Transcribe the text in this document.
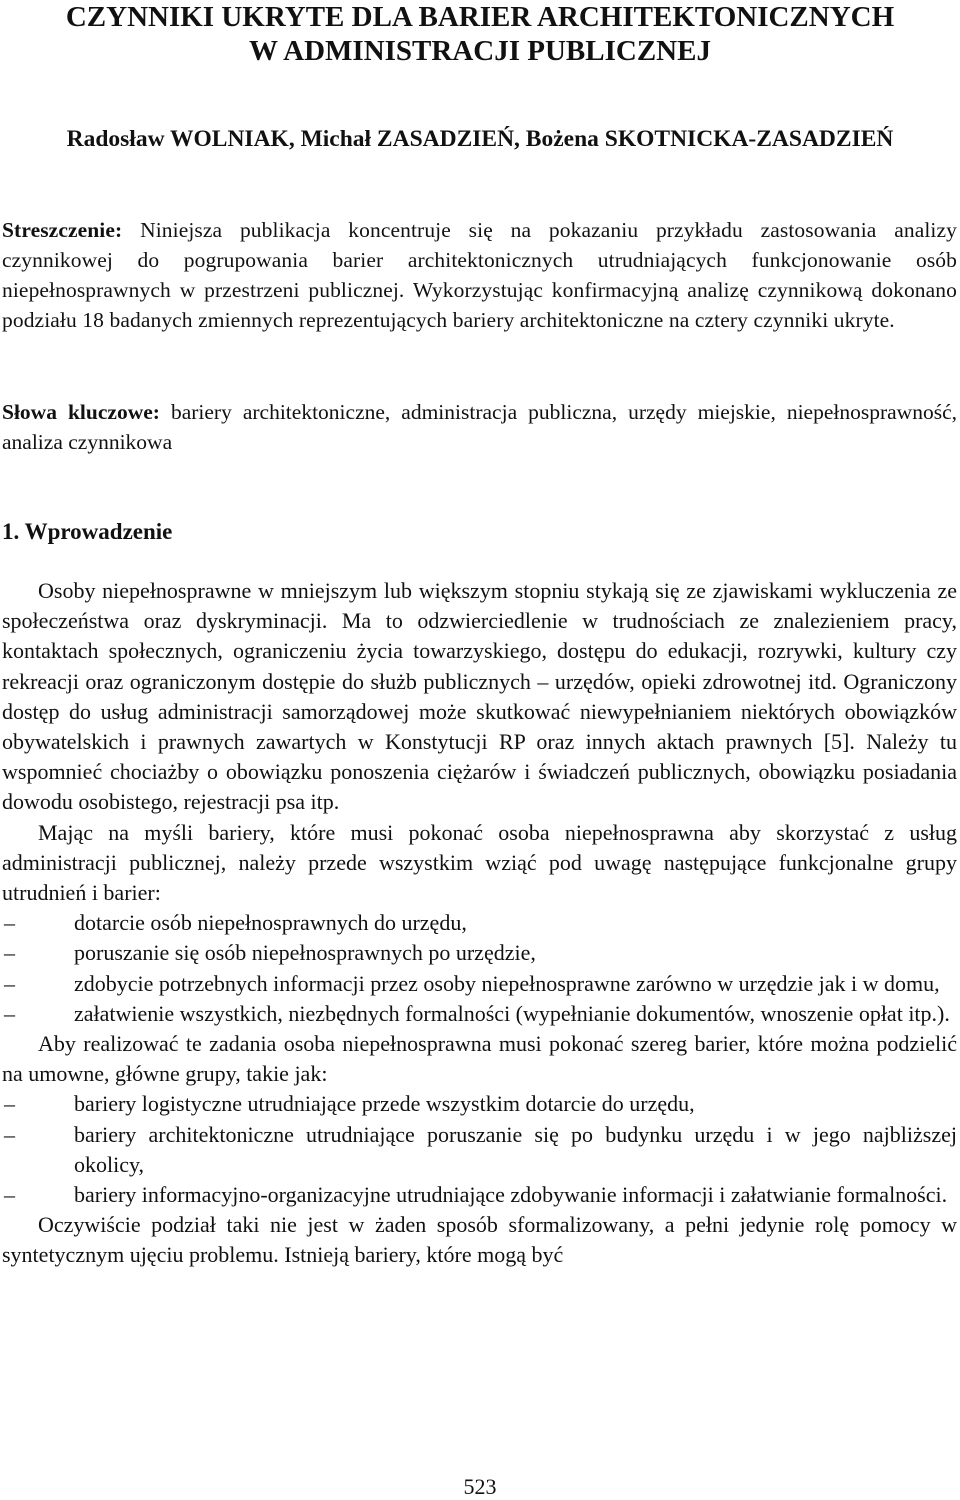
CZYNNIKI UKRYTE DLA BARIER ARCHITEKTONICZNYCH
W ADMINISTRACJI PUBLICZNEJ

Radosław WOLNIAK, Michał ZASADZIEŃ, Bożena SKOTNICKA-ZASADZIEŃ

Streszczenie: Niniejsza publikacja koncentruje się na pokazaniu przykładu zastosowania analizy czynnikowej do pogrupowania barier architektonicznych utrudniających funkcjonowanie osób niepełnosprawnych w przestrzeni publicznej. Wykorzystując konfirmacyjną analizę czynnikową dokonano podziału 18 badanych zmiennych reprezentujących bariery architektoniczne na cztery czynniki ukryte.

Słowa kluczowe: bariery architektoniczne, administracja publiczna, urzędy miejskie, niepełnosprawność, analiza czynnikowa

1. Wprowadzenie

Osoby niepełnosprawne w mniejszym lub większym stopniu stykają się ze zjawiskami wykluczenia ze społeczeństwa oraz dyskryminacji. Ma to odzwierciedlenie w trudnościach ze znalezieniem pracy, kontaktach społecznych, ograniczeniu życia towarzyskiego, dostępu do edukacji, rozrywki, kultury czy rekreacji oraz ograniczonym dostępie do służb publicznych – urzędów, opieki zdrowotnej itd. Ograniczony dostęp do usług administracji samorządowej może skutkować niewypełnianiem niektórych obowiązków obywatelskich i prawnych zawartych w Konstytucji RP oraz innych aktach prawnych [5]. Należy tu wspomnieć chociażby o obowiązku ponoszenia ciężarów i świadczeń publicznych, obowiązku posiadania dowodu osobistego, rejestracji psa itp.

Mając na myśli bariery, które musi pokonać osoba niepełnosprawna aby skorzystać z usług administracji publicznej, należy przede wszystkim wziąć pod uwagę następujące funkcjonalne grupy utrudnień i barier:

–	dotarcie osób niepełnosprawnych do urzędu,
–	poruszanie się osób niepełnosprawnych po urzędzie,
–	zdobycie potrzebnych informacji przez osoby niepełnosprawne zarówno w urzędzie jak i w domu,
–	załatwienie wszystkich, niezbędnych formalności (wypełnianie dokumentów, wnoszenie opłat itp.).

Aby realizować te zadania osoba niepełnosprawna musi pokonać szereg barier, które można podzielić na umowne, główne grupy, takie jak:

–	bariery logistyczne utrudniające przede wszystkim dotarcie do urzędu,
–	bariery architektoniczne utrudniające poruszanie się po budynku urzędu i w jego najbliższej okolicy,
–	bariery informacyjno-organizacyjne utrudniające zdobywanie informacji i załatwianie formalności.

Oczywiście podział taki nie jest w żaden sposób sformalizowany, a pełni jedynie rolę pomocy w syntetycznym ujęciu problemu. Istnieją bariery, które mogą być

523
